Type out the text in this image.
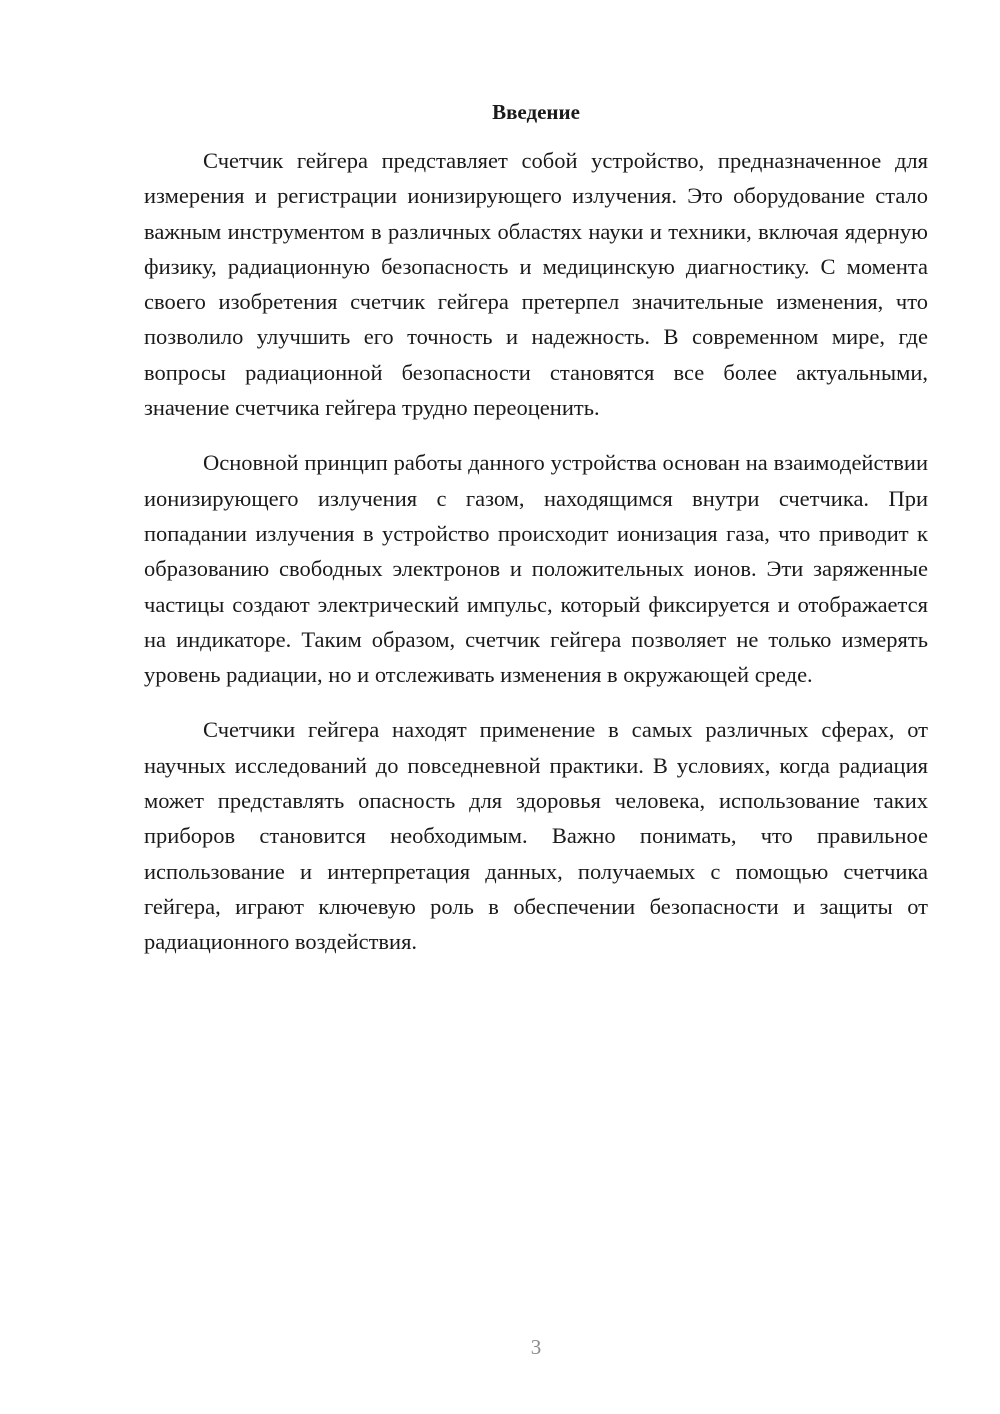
Введение

Счетчик гейгера представляет собой устройство, предназначенное для измерения и регистрации ионизирующего излучения. Это оборудование стало важным инструментом в различных областях науки и техники, включая ядерную физику, радиационную безопасность и медицинскую диагностику. С момента своего изобретения счетчик гейгера претерпел значительные изменения, что позволило улучшить его точность и надежность. В современном мире, где вопросы радиационной безопасности становятся все более актуальными, значение счетчика гейгера трудно переоценить.

Основной принцип работы данного устройства основан на взаимодействии ионизирующего излучения с газом, находящимся внутри счетчика. При попадании излучения в устройство происходит ионизация газа, что приводит к образованию свободных электронов и положительных ионов. Эти заряженные частицы создают электрический импульс, который фиксируется и отображается на индикаторе. Таким образом, счетчик гейгера позволяет не только измерять уровень радиации, но и отслеживать изменения в окружающей среде.

Счетчики гейгера находят применение в самых различных сферах, от научных исследований до повседневной практики. В условиях, когда радиация может представлять опасность для здоровья человека, использование таких приборов становится необходимым. Важно понимать, что правильное использование и интерпретация данных, получаемых с помощью счетчика гейгера, играют ключевую роль в обеспечении безопасности и защиты от радиационного воздействия.

3
